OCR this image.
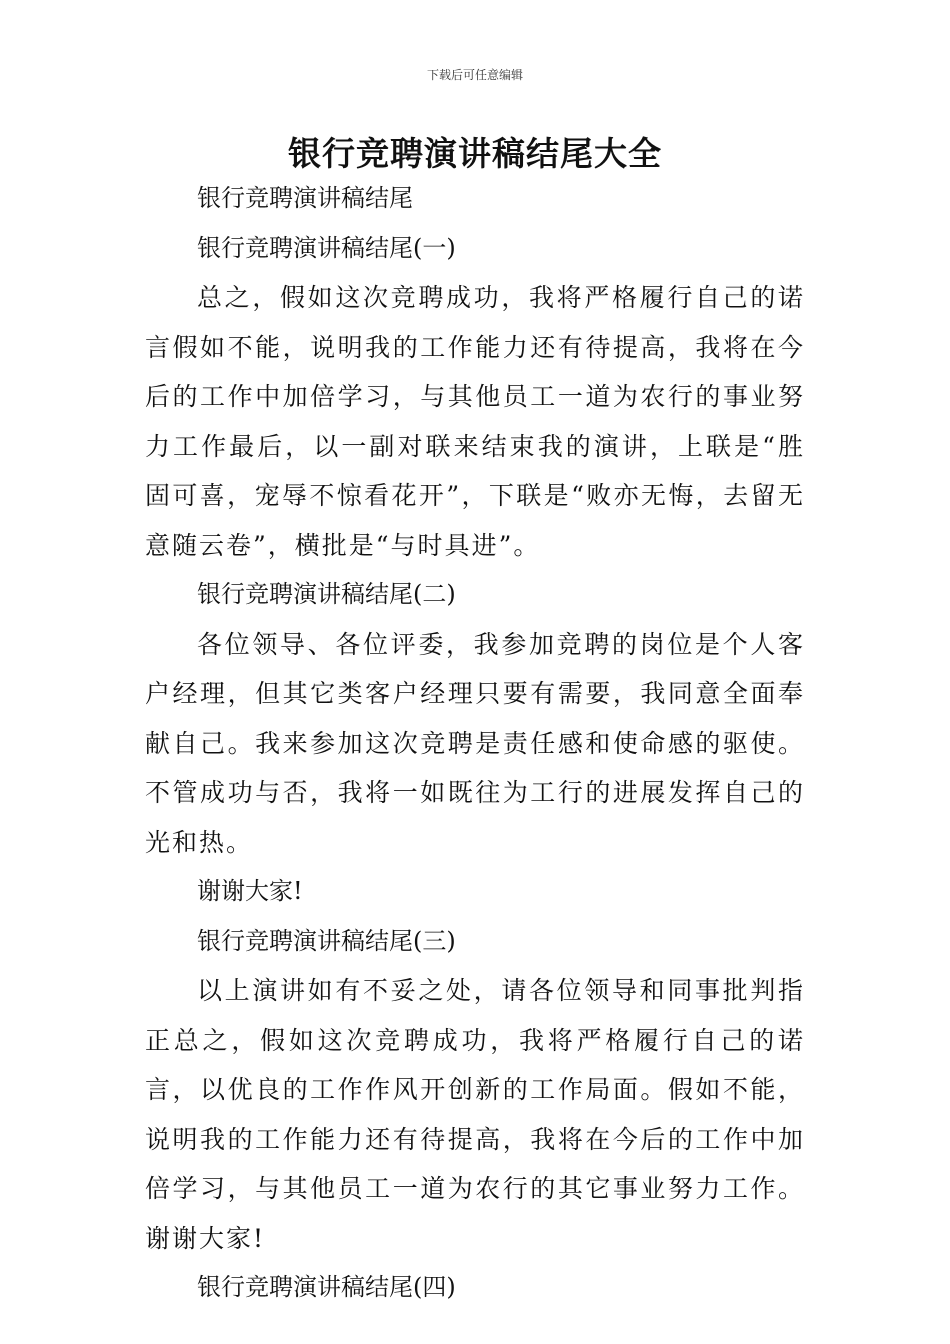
下载后可任意编辑
银行竞聘演讲稿结尾大全

银行竞聘演讲稿结尾

银行竞聘演讲稿结尾(一)

总之，假如这次竞聘成功，我将严格履行自己的诺言假如不能，说明我的工作能力还有待提高，我将在今后的工作中加倍学习，与其他员工一道为农行的事业努力工作最后，以一副对联来结束我的演讲，上联是“胜固可喜，宠辱不惊看花开”，下联是“败亦无悔，去留无意随云卷”，横批是“与时具进”。

银行竞聘演讲稿结尾(二)

各位领导、各位评委，我参加竞聘的岗位是个人客户经理，但其它类客户经理只要有需要，我同意全面奉献自己。我来参加这次竞聘是责任感和使命感的驱使。不管成功与否，我将一如既往为工行的进展发挥自己的光和热。

谢谢大家!

银行竞聘演讲稿结尾(三)

以上演讲如有不妥之处，请各位领导和同事批判指正总之，假如这次竞聘成功，我将严格履行自己的诺言，以优良的工作作风开创新的工作局面。假如不能，说明我的工作能力还有待提高，我将在今后的工作中加倍学习，与其他员工一道为农行的其它事业努力工作。谢谢大家!

银行竞聘演讲稿结尾(四)
